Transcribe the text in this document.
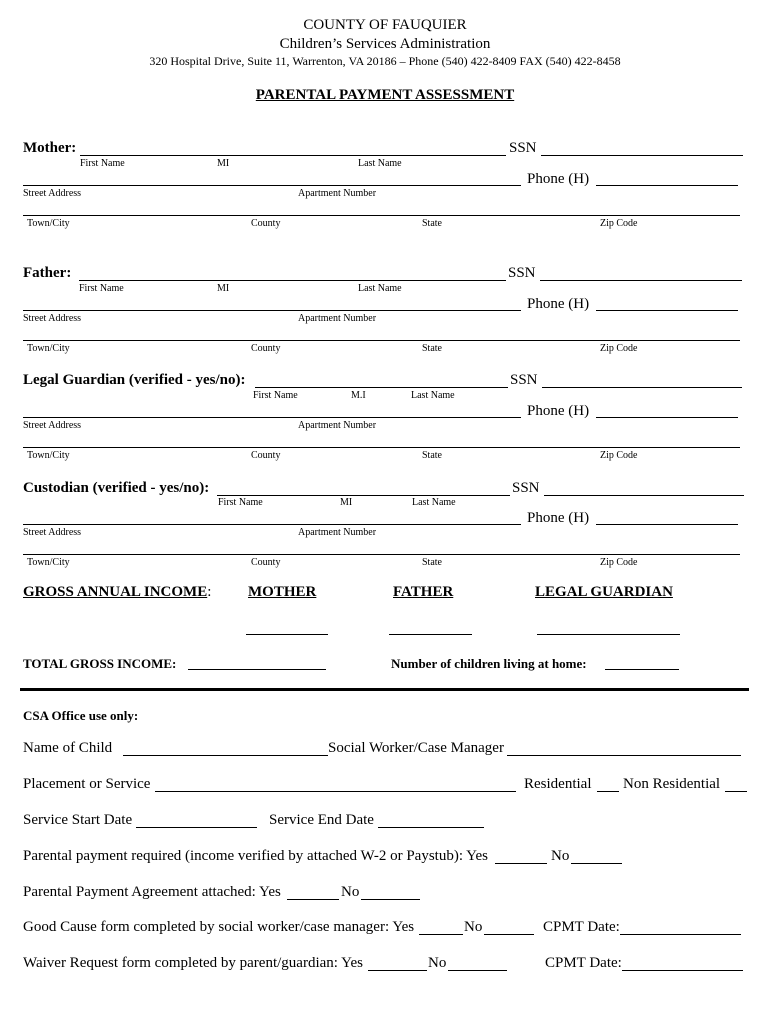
COUNTY OF FAUQUIER
Children’s Services Administration
320 Hospital Drive, Suite 11, Warrenton, VA 20186 – Phone (540) 422-8409 FAX (540) 422-8458
PARENTAL PAYMENT ASSESSMENT
Mother:	SSN
First Name	MI	Last Name
Phone (H)
Street Address	Apartment Number
Town/City	County	State	Zip Code
Father:	SSN
First Name	MI	Last Name
Phone (H)
Street Address	Apartment Number
Town/City	County	State	Zip Code
Legal Guardian (verified - yes/no):	SSN
First Name	M.I	Last Name
Phone (H)
Street Address	Apartment Number
Town/City	County	State	Zip Code
Custodian (verified - yes/no):	SSN
First Name	MI	Last Name
Phone (H)
Street Address	Apartment Number
Town/City	County	State	Zip Code
GROSS ANNUAL INCOME: MOTHER	FATHER	LEGAL GUARDIAN
TOTAL GROSS INCOME:	Number of children living at home:
CSA Office use only:
Name of Child	Social Worker/Case Manager
Placement or Service	Residential Non Residential
Service Start Date	Service End Date
Parental payment required (income verified by attached W-2 or Paystub): Yes	No
Parental Payment Agreement attached: Yes	No
Good Cause form completed by social worker/case manager: Yes	No	CPMT Date:
Waiver Request form completed by parent/guardian: Yes	No	CPMT Date:
